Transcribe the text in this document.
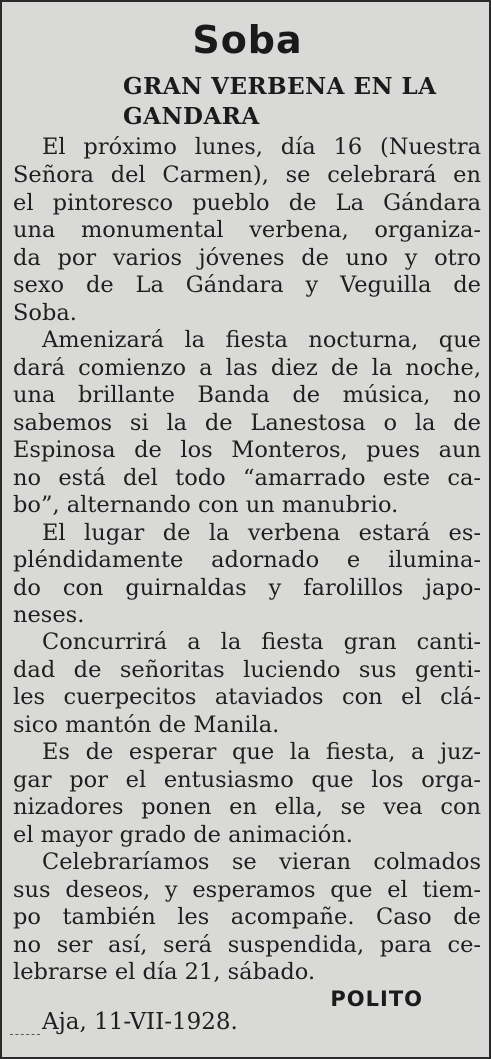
Soba
GRAN VERBENA EN LA GANDARA
El próximo lunes, día 16 (Nuestra
Señora del Carmen), se celebrará en
el pintoresco pueblo de La Gándara
una monumental verbena, organiza-
da por varios jóvenes de uno y otro
sexo de La Gándara y Veguilla de
Soba.
Amenizará la fiesta nocturna, que
dará comienzo a las diez de la noche,
una brillante Banda de música, no
sabemos si la de Lanestosa o la de
Espinosa de los Monteros, pues aun
no está del todo “amarrado este ca-
bo”, alternando con un manubrio.
El lugar de la verbena estará es-
pléndidamente adornado e ilumina-
do con guirnaldas y farolillos japo-
neses.
Concurrirá a la fiesta gran canti-
dad de señoritas luciendo sus genti-
les cuerpecitos ataviados con el clá-
sico mantón de Manila.
Es de esperar que la fiesta, a juz-
gar por el entusiasmo que los orga-
nizadores ponen en ella, se vea con
el mayor grado de animación.
Celebraríamos se vieran colmados
sus deseos, y esperamos que el tiem-
po también les acompañe. Caso de
no ser así, será suspendida, para ce-
lebrarse el día 21, sábado.
POLITO
Aja, 11-VII-1928.
